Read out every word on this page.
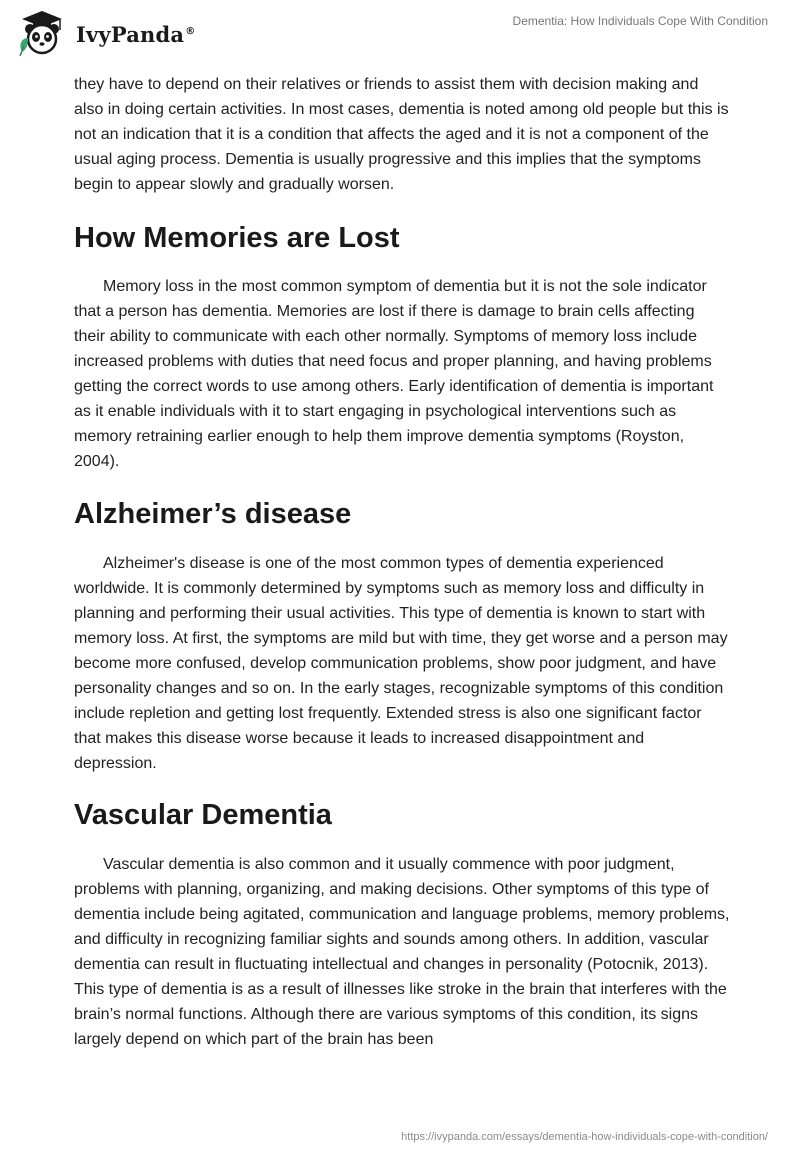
IvyPanda®
Dementia: How Individuals Cope With Condition

they have to depend on their relatives or friends to assist them with decision making and also in doing certain activities. In most cases, dementia is noted among old people but this is not an indication that it is a condition that affects the aged and it is not a component of the usual aging process. Dementia is usually progressive and this implies that the symptoms begin to appear slowly and gradually worsen.

How Memories are Lost

Memory loss in the most common symptom of dementia but it is not the sole indicator that a person has dementia. Memories are lost if there is damage to brain cells affecting their ability to communicate with each other normally. Symptoms of memory loss include increased problems with duties that need focus and proper planning, and having problems getting the correct words to use among others. Early identification of dementia is important as it enable individuals with it to start engaging in psychological interventions such as memory retraining earlier enough to help them improve dementia symptoms (Royston, 2004).

Alzheimer’s disease

Alzheimer's disease is one of the most common types of dementia experienced worldwide. It is commonly determined by symptoms such as memory loss and difficulty in planning and performing their usual activities. This type of dementia is known to start with memory loss. At first, the symptoms are mild but with time, they get worse and a person may become more confused, develop communication problems, show poor judgment, and have personality changes and so on. In the early stages, recognizable symptoms of this condition include repletion and getting lost frequently. Extended stress is also one significant factor that makes this disease worse because it leads to increased disappointment and depression.

Vascular Dementia

Vascular dementia is also common and it usually commence with poor judgment, problems with planning, organizing, and making decisions. Other symptoms of this type of dementia include being agitated, communication and language problems, memory problems, and difficulty in recognizing familiar sights and sounds among others. In addition, vascular dementia can result in fluctuating intellectual and changes in personality (Potocnik, 2013). This type of dementia is as a result of illnesses like stroke in the brain that interferes with the brain’s normal functions. Although there are various symptoms of this condition, its signs largely depend on which part of the brain has been

https://ivypanda.com/essays/dementia-how-individuals-cope-with-condition/
